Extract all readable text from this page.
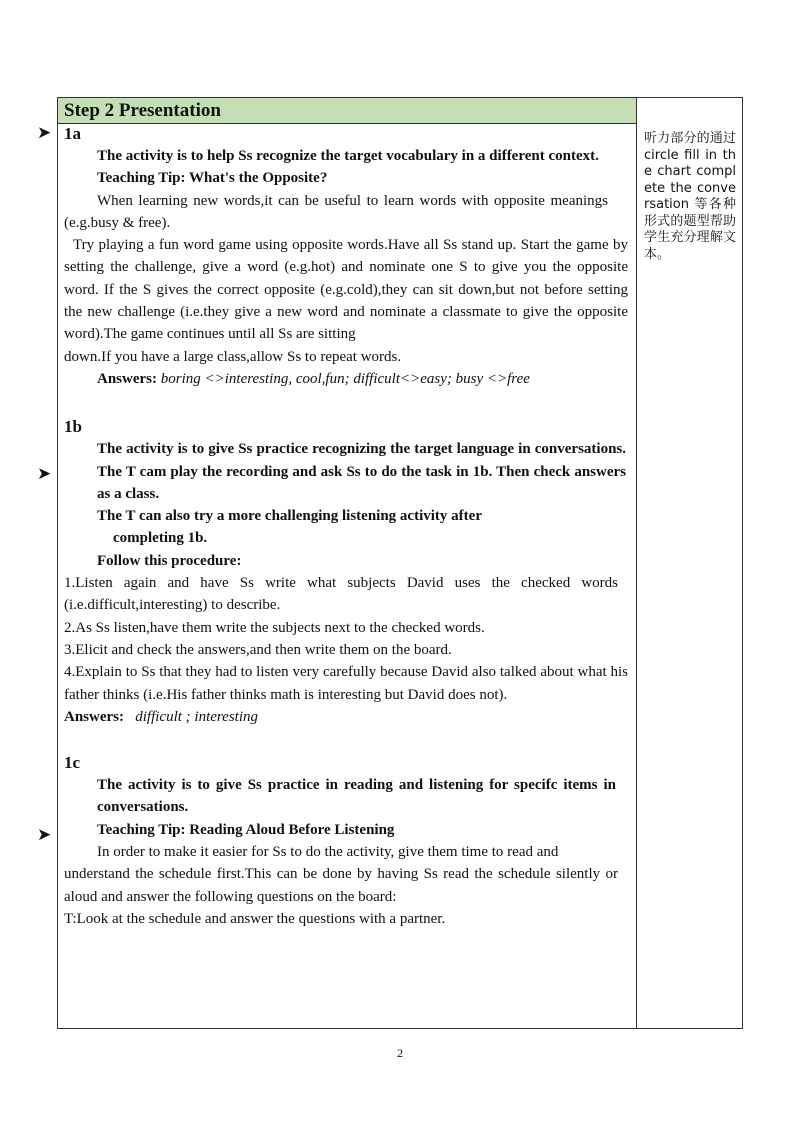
Step 2 Presentation
1a

The activity is to help Ss recognize the target vocabulary in a different context.

Teaching Tip: What's the Opposite?

When learning new words,it can be useful to learn words with opposite meanings (e.g.busy & free).

Try playing a fun word game using opposite words.Have all Ss stand up. Start the game by setting the challenge, give a word (e.g.hot) and nominate one S to give you the opposite word. If the S gives the correct opposite (e.g.cold),they can sit down,but not before setting the new challenge (i.e.they give a new word and nominate a classmate to give the opposite word).The game continues until all Ss are sitting

down.If you have a large class,allow Ss to repeat words.

Answers: boring <>interesting, cool,fun; difficult<>easy; busy <>free

1b

The activity is to give Ss practice recognizing the target language in conversations. The T cam play the recording and ask Ss to do the task in 1b. Then check answers as a class.

The T can also try a more challenging listening activity after completing 1b.

Follow this procedure:

1.Listen again and have Ss write what subjects David uses the checked words (i.e.difficult,interesting) to describe.

2.As Ss listen,have them write the subjects next to the checked words.

3.Elicit and check the answers,and then write them on the board.

4.Explain to Ss that they had to listen very carefully because David also talked about what his father thinks (i.e.His father thinks math is interesting but David does not).

Answers: difficult ; interesting

1c

The activity is to give Ss practice in reading and listening for specifc items in conversations.

Teaching Tip: Reading Aloud Before Listening

In order to make it easier for Ss to do the activity, give them time to read and

understand the schedule first.This can be done by having Ss read the schedule silently or aloud and answer the following questions on the board:

T:Look at the schedule and answer the questions with a partner.

听力部分的通过circle fill in the chart complete the conversation 等各种形式的题型帮助学生充分理解文本。
➤
➤
➤
2
